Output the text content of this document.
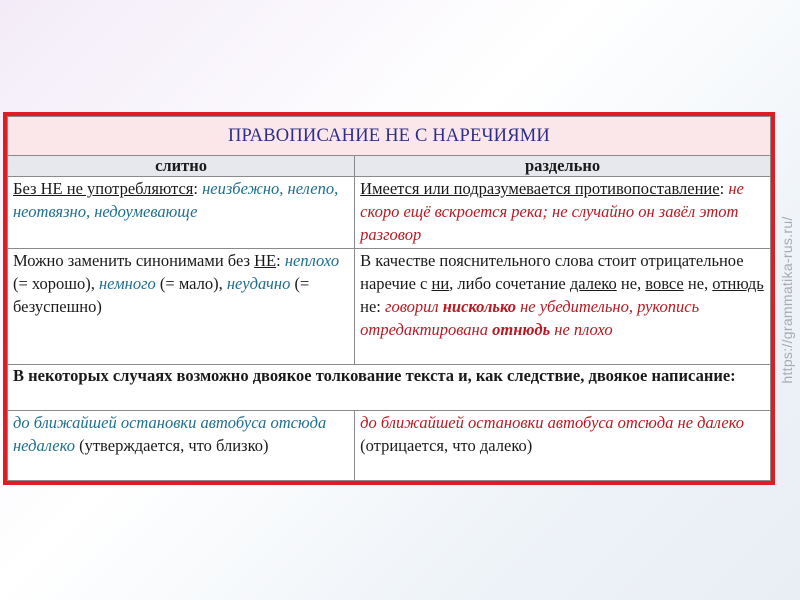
ПРАВОПИСАНИЕ НЕ С НАРЕЧИЯМИ	
слитно	раздельно
Без НЕ не употребляются: неизбежно, нелепо, неотвязно, недоумевающе	Имеется или подразумевается противопоставление: не скоро ещё вскроется река; не случайно он завёл этот разговор
Можно заменить синонимами без НЕ: неплохо (= хорошо), немного (= мало), неудачно (= безуспешно)	В качестве пояснительного слова стоит отрицательное наречие с ни, либо сочетание далеко не, вовсе не, отнюдь не: говорил нисколько не убедительно, рукопись отредактирована отнюдь не плохо
В некоторых случаях возможно двоякое толкование текста и, как следствие, двоякое написание:	
до ближайшей остановки автобуса отсюда недалеко (утверждается, что близко)	до ближайшей остановки автобуса отсюда не далеко (отрицается, что далеко)
https://grammatika-rus.ru/
